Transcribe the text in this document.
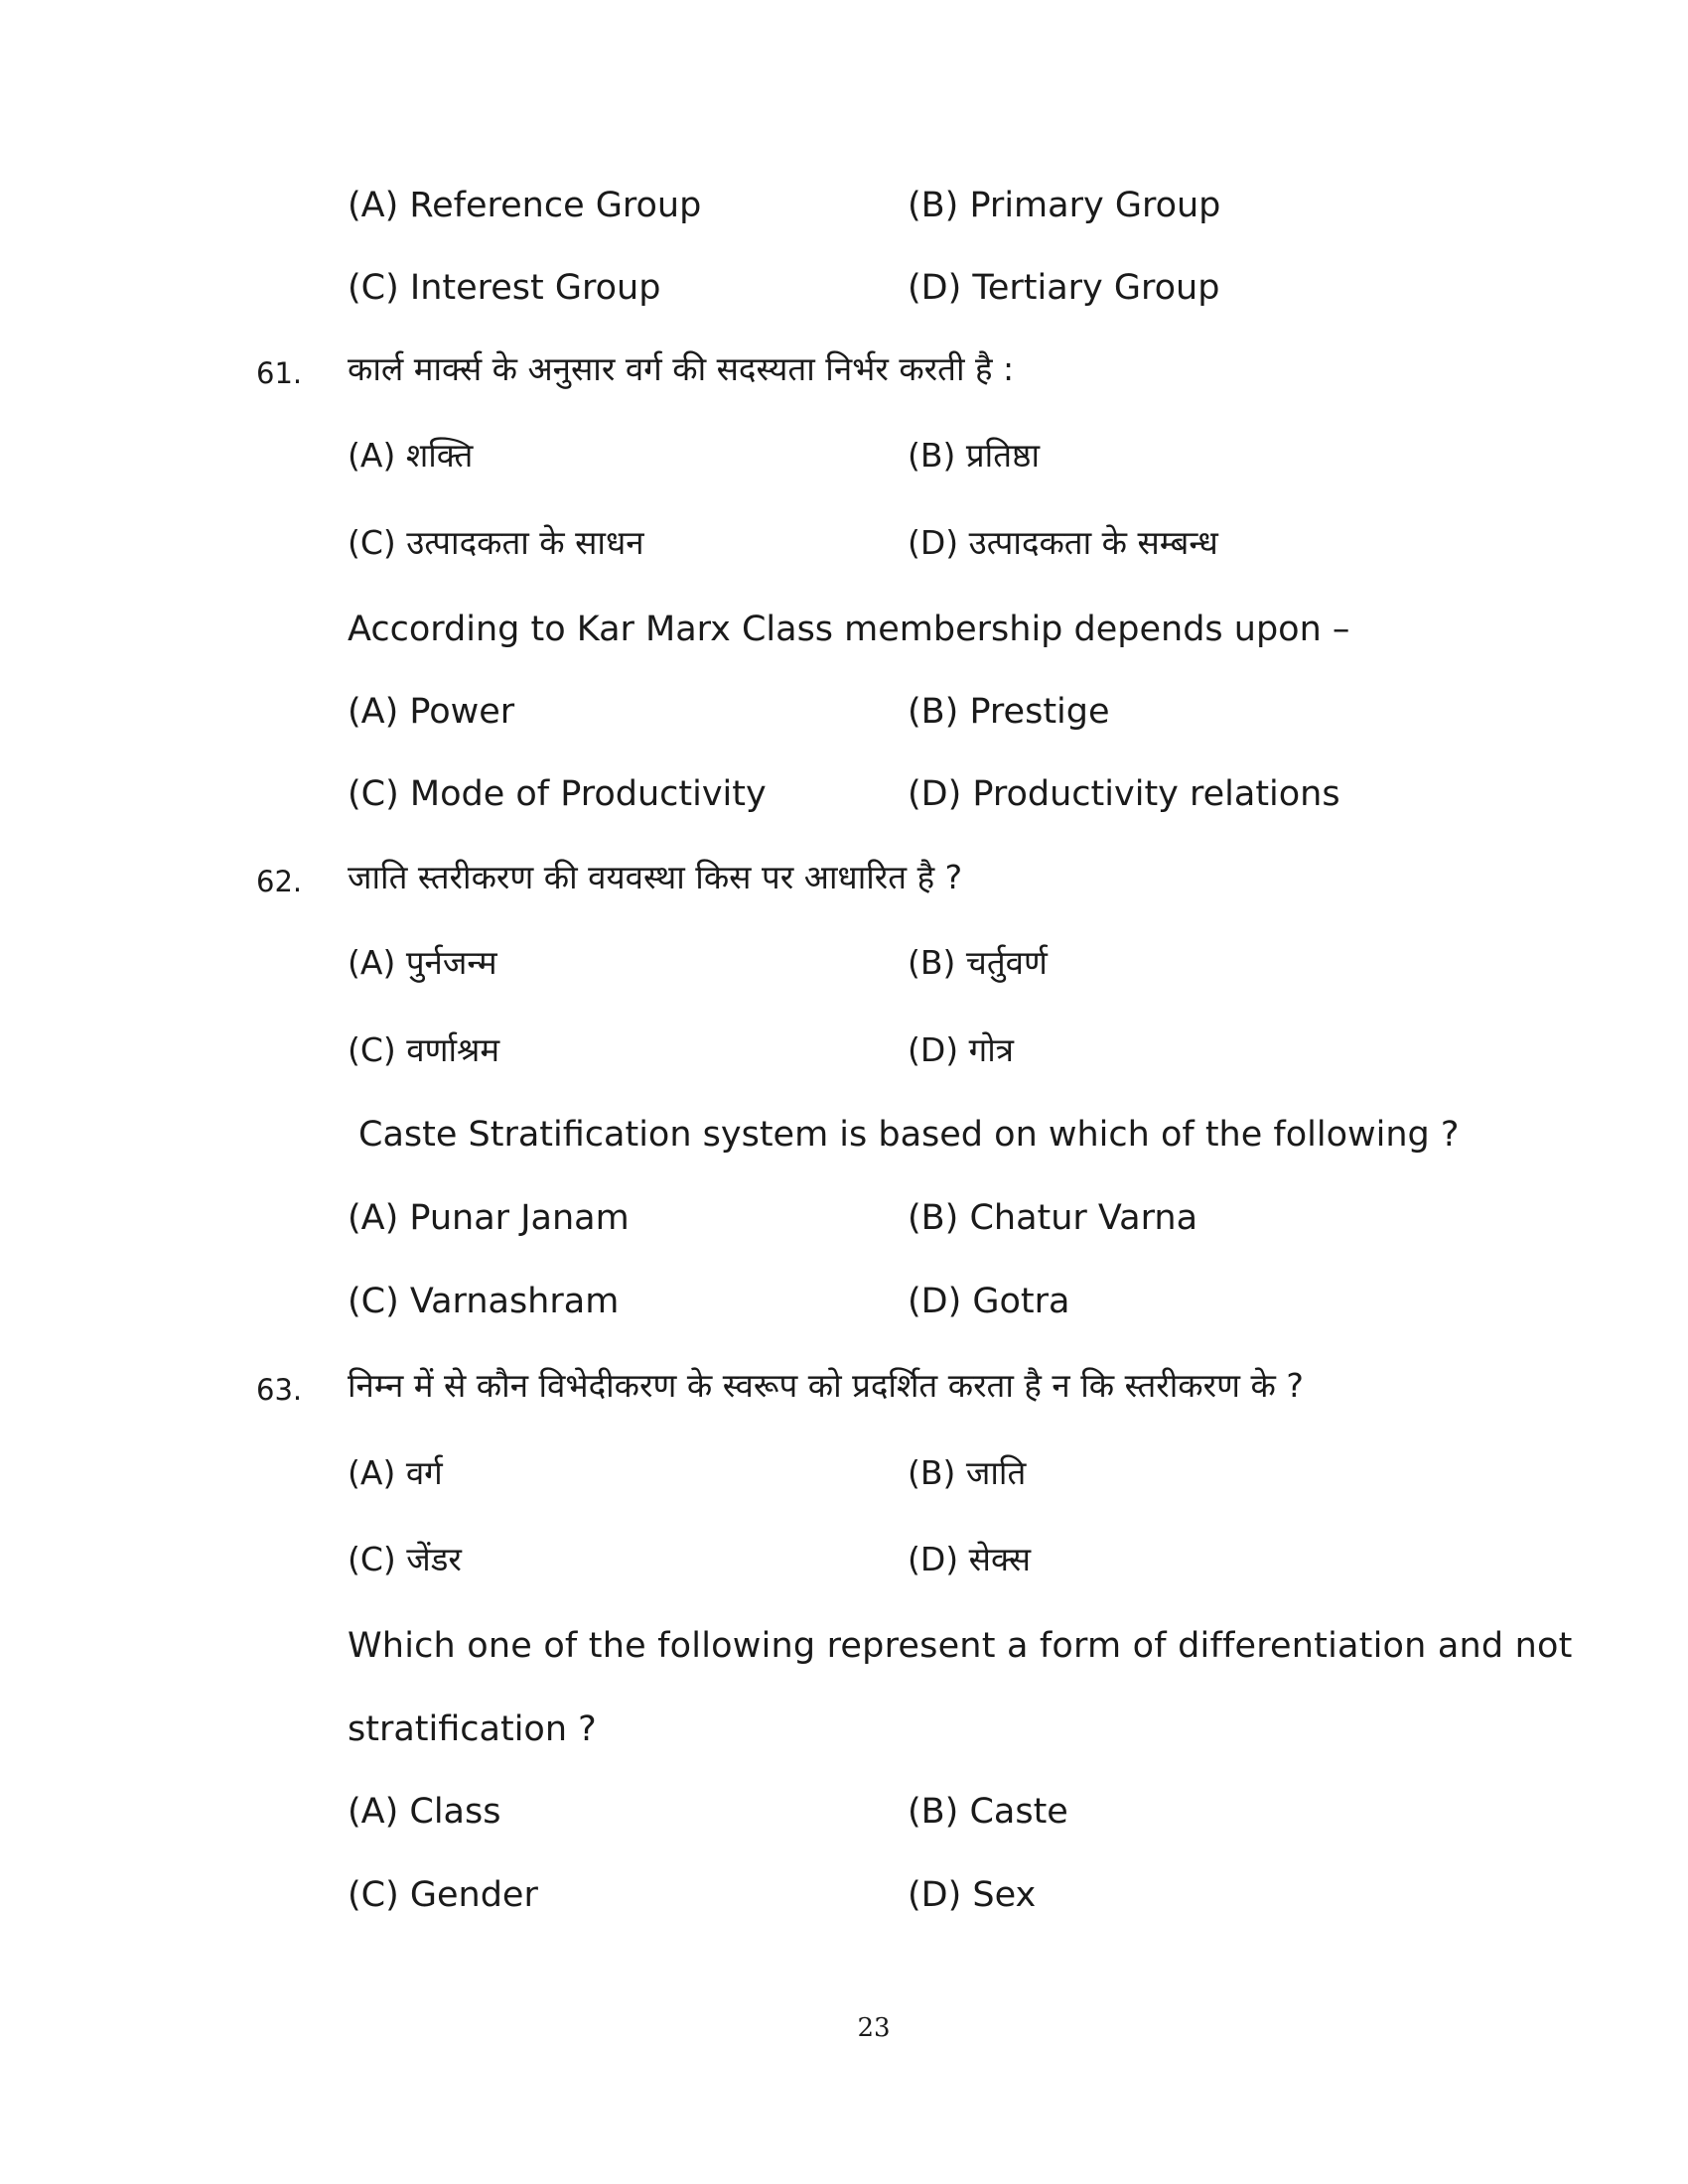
(A) Reference Group	(B) Primary Group
(C) Interest Group	(D) Tertiary Group
61. कार्ल मार्क्स के अनुसार वर्ग की सदस्यता निर्भर करती है :
(A) शक्ति	(B) प्रतिष्ठा
(C) उत्पादकता के साधन	(D) उत्पादकता के सम्बन्ध
According to Kar Marx Class membership depends upon –
(A) Power	(B) Prestige
(C) Mode of Productivity	(D) Productivity relations
62. जाति स्तरीकरण की वयवस्था किस पर आधारित है ?
(A) पुर्नजन्म	(B) चर्तुवर्ण
(C) वर्णाश्रम	(D) गोत्र
Caste Stratification system is based on which of the following ?
(A) Punar Janam	(B) Chatur Varna
(C) Varnashram	(D) Gotra
63. निम्न में से कौन विभेदीकरण के स्वरूप को प्रदर्शित करता है न कि स्तरीकरण के ?
(A) वर्ग	(B) जाति
(C) जेंडर	(D) सेक्स
Which one of the following represent a form of differentiation and not
stratification ?
(A) Class	(B) Caste
(C) Gender	(D) Sex
23
